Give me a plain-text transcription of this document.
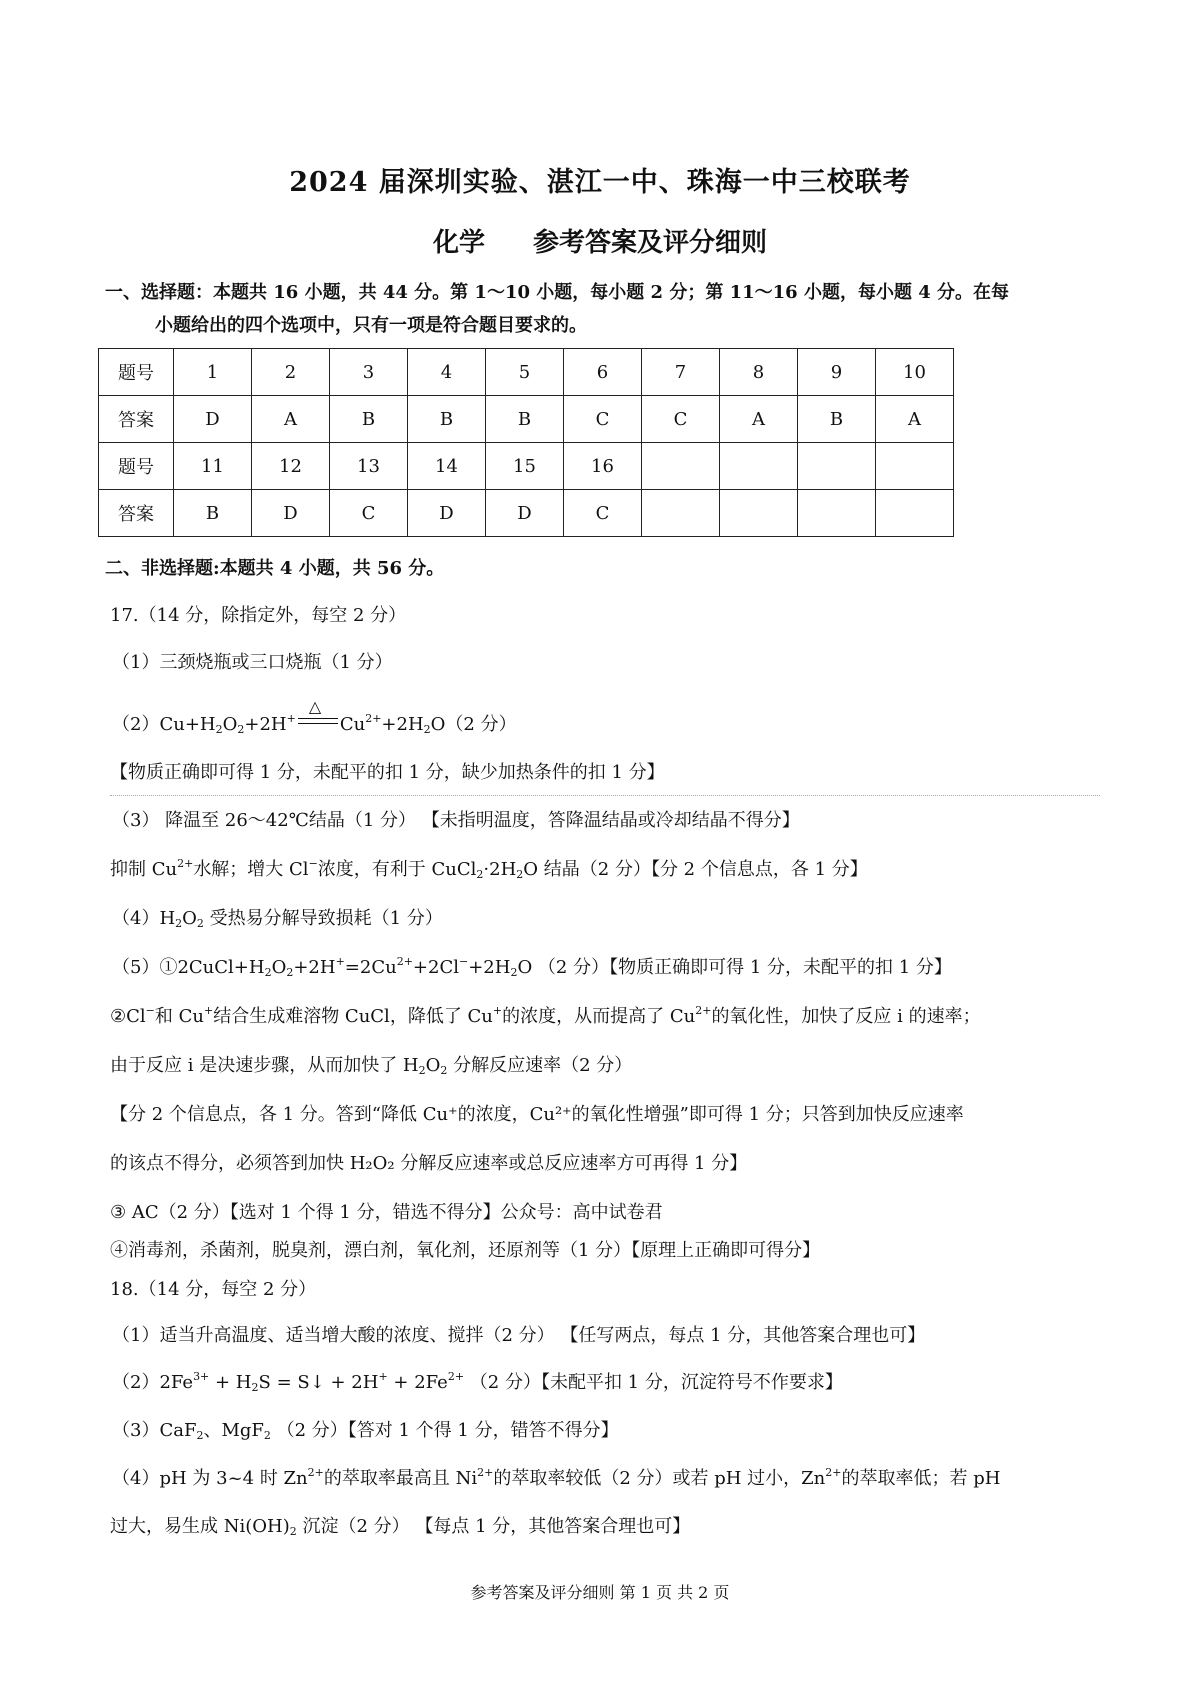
2024 届深圳实验、湛江一中、珠海一中三校联考
化学 参考答案及评分细则
一、选择题：本题共 16 小题，共 44 分。第 1～10 小题，每小题 2 分；第 11～16 小题，每小题 4 分。在每
小题给出的四个选项中，只有一项是符合题目要求的。
题号	1	2	3	4	5	6	7	8	9	10
答案	D	A	B	B	B	C	C	A	B	A
题号	11	12	13	14	15	16				
答案	B	D	C	D	D	C				
二、非选择题:本题共 4 小题，共 56 分。
17.（14 分，除指定外，每空 2 分）
（1）三颈烧瓶或三口烧瓶（1 分）
$(2)Cu+H_2O_2+2H^+$
△
$Cu^{2+}+2H_2O(2$ 分）
【物质正确即可得 1 分，未配平的扣 1 分，缺少加热条件的扣 1 分】
（3） 降温至 26～42℃结晶（1 分） 【未指明温度，答降温结晶或冷却结晶不得分】
抑制 $Cu^{2+}$水解；增大 Cl−浓度，有利于 $CuCl_2\cdot 2H_2O$ 结晶（2 分）【分 2 个信息点，各 1 分】
$(4)H_2O_2$ 受热易分解导致损耗（1 分）
$(5)①2CuCl+H_2O_2+2H^+=2Cu^{2+}+2Cl^-+2H_2O$ （2 分）【物质正确即可得 1 分，未配平的扣 1 分】
②Cl−和 Cu+结合生成难溶物 CuCl，降低了 Cu+的浓度，从而提高了 $Cu^{2+}$的氧化性，加快了反应 i 的速率；
由于反应 i 是决速步骤，从而加快了 $H_2O_2$ 分解反应速率（2 分）
【分 2 个信息点，各 1 分。答到“降低 Cu⁺的浓度，Cu²⁺的氧化性增强”即可得 1 分；只答到加快反应速率
的该点不得分，必须答到加快 H₂O₂ 分解反应速率或总反应速率方可再得 1 分】
③ AC（2 分）【选对 1 个得 1 分，错选不得分】公众号：高中试卷君
④消毒剂，杀菌剂，脱臭剂，漂白剂，氧化剂，还原剂等（1 分）【原理上正确即可得分】
18.（14 分，每空 2 分）
（1）适当升高温度、适当增大酸的浓度、搅拌（2 分） 【任写两点，每点 1 分，其他答案合理也可】
$(2)2Fe^{3+} + H_2S$ = S↓ + $2H^+ + 2Fe^{2+}$ （2 分）【未配平扣 1 分，沉淀符号不作要求】
（3）CaF$_2$、MgF$_2$ （2 分）【答对 1 个得 1 分，错答不得分】
（4）pH 为 3~4 时 $Zn^{2+}$的萃取率最高且 $Ni^{2+}$的萃取率较低（2 分）或若 pH 过小，$Zn^{2+}$的萃取率低；若 pH
过大，易生成 $Ni(OH)_2$ 沉淀（2 分） 【每点 1 分，其他答案合理也可】
参考答案及评分细则 第 1 页 共 2 页
